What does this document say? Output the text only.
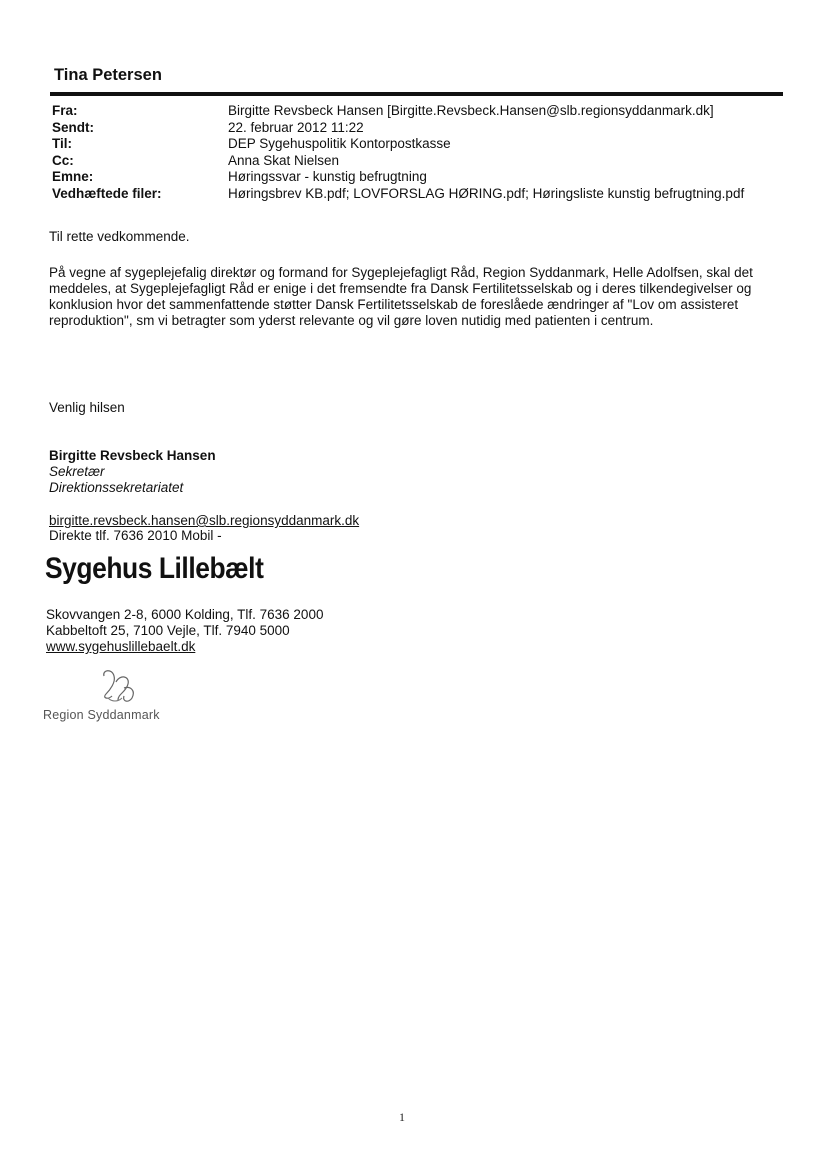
Tina Petersen
Fra:	Birgitte Revsbeck Hansen [Birgitte.Revsbeck.Hansen@slb.regionsyddanmark.dk]
Sendt:	22. februar 2012 11:22
Til:	DEP Sygehuspolitik Kontorpostkasse
Cc:	Anna Skat Nielsen
Emne:	Høringssvar - kunstig befrugtning
Vedhæftede filer:	Høringsbrev KB.pdf; LOVFORSLAG HØRING.pdf; Høringsliste kunstig befrugtning.pdf
Til rette vedkommende.
På vegne af sygeplejefalig direktør og formand for Sygeplejefagligt Råd, Region Syddanmark, Helle Adolfsen, skal det meddeles, at Sygeplejefagligt Råd er enige i det fremsendte fra Dansk Fertilitetsselskab og i deres tilkendegivelser og konklusion hvor det sammenfattende støtter Dansk Fertilitetsselskab de foreslåede ændringer af "Lov om assisteret reproduktion", sm vi betragter som yderst relevante og vil gøre loven nutidig med patienten i centrum.
Venlig hilsen
Birgitte Revsbeck Hansen
Sekretær
Direktionssekretariatet
birgitte.revsbeck.hansen@slb.regionsyddanmark.dk
Direkte tlf. 7636 2010 Mobil -
Sygehus Lillebælt
Skovvangen 2-8, 6000 Kolding, Tlf. 7636 2000
Kabbeltoft 25, 7100 Vejle, Tlf. 7940 5000
www.sygehuslillebaelt.dk
Region Syddanmark
1
